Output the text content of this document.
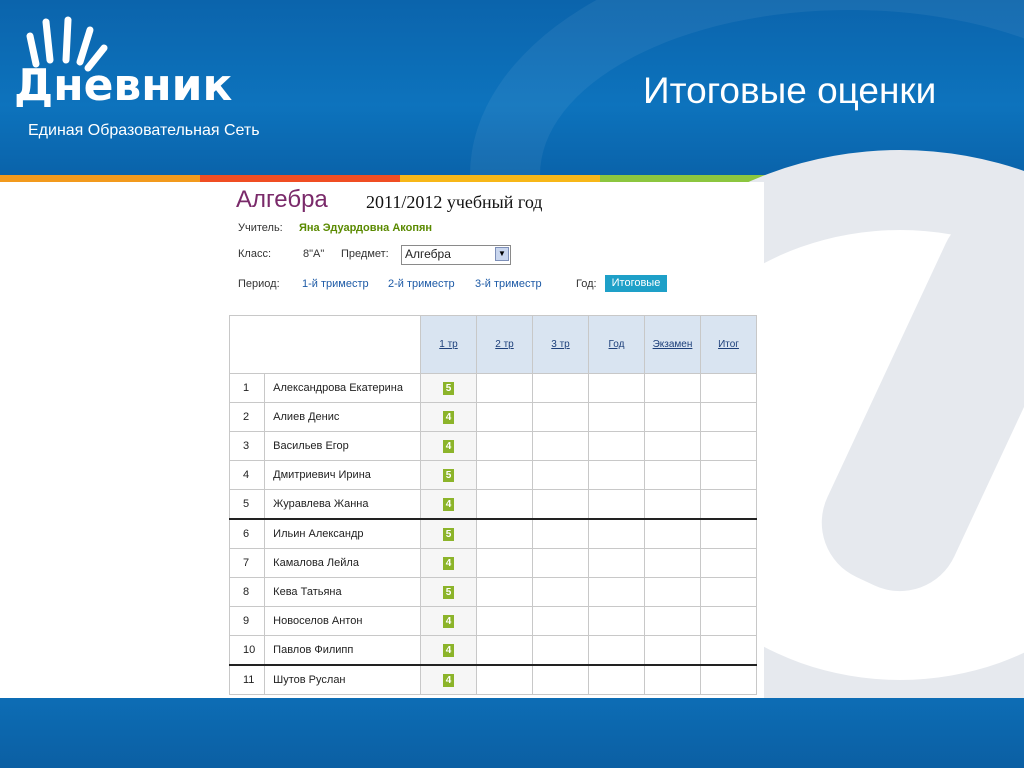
Дневник
Единая Образовательная Сеть
Итоговые оценки
Алгебра 2011/2012 учебный год
Учитель: Яна Эдуардовна Акопян
Класс:	8"А" Предмет: Алгебра	▼
Период: 1-й триместр 2-й триместр 3-й триместр	Год:	Итоговые
		1 тр	2 тр	3 тр	Год	Экзамен	Итог
1	Александрова Екатерина	5					
2	Алиев Денис	4					
3	Васильев Егор	4					
4	Дмитриевич Ирина	5					
5	Журавлева Жанна	4					
6	Ильин Александр	5					
7	Камалова Лейла	4					
8	Кева Татьяна	5					
9	Новоселов Антон	4					
10	Павлов Филипп	4					
11	Шутов Руслан	4					
